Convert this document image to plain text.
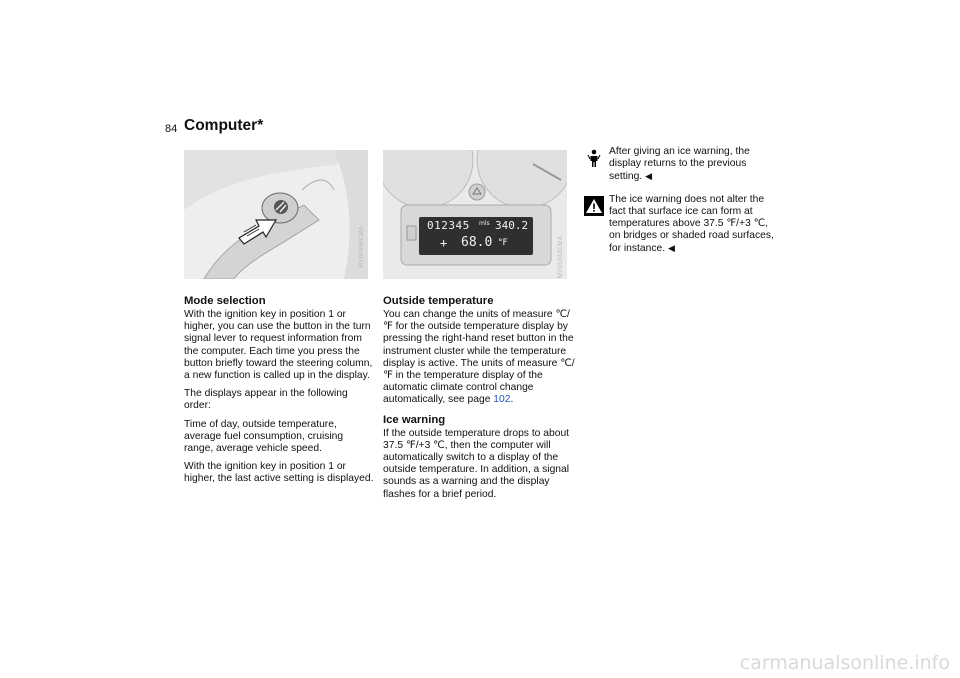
84 Computer*
MV00906CMA
012345 mls 340.2
+ 68.0 °F	MV01043CMA
Mode selection

With the ignition key in position 1 or higher, you can use the button in the turn signal lever to request information from the computer. Each time you press the button briefly toward the steering column, a new function is called up in the display.

The displays appear in the following order:

Time of day, outside temperature, average fuel consumption, cruising range, average vehicle speed.

With the ignition key in position 1 or higher, the last active setting is displayed.

Outside temperature

You can change the units of measure ℃/℉ for the outside temperature display by pressing the right-hand reset button in the instrument cluster while the temperature display is active. The units of measure ℃/℉ in the temperature display of the automatic climate control change automatically, see page 102.

Ice warning

If the outside temperature drops to about 37.5 ℉/+3 ℃, then the computer will automatically switch to a display of the outside temperature. In addition, a signal sounds as a warning and the display flashes for a brief period.

After giving an ice warning, the display returns to the previous setting. ◀
The ice warning does not alter the fact that surface ice can form at temperatures above 37.5 ℉/+3 ℃, on bridges or shaded road surfaces, for instance. ◀
carmanualsonline.info
